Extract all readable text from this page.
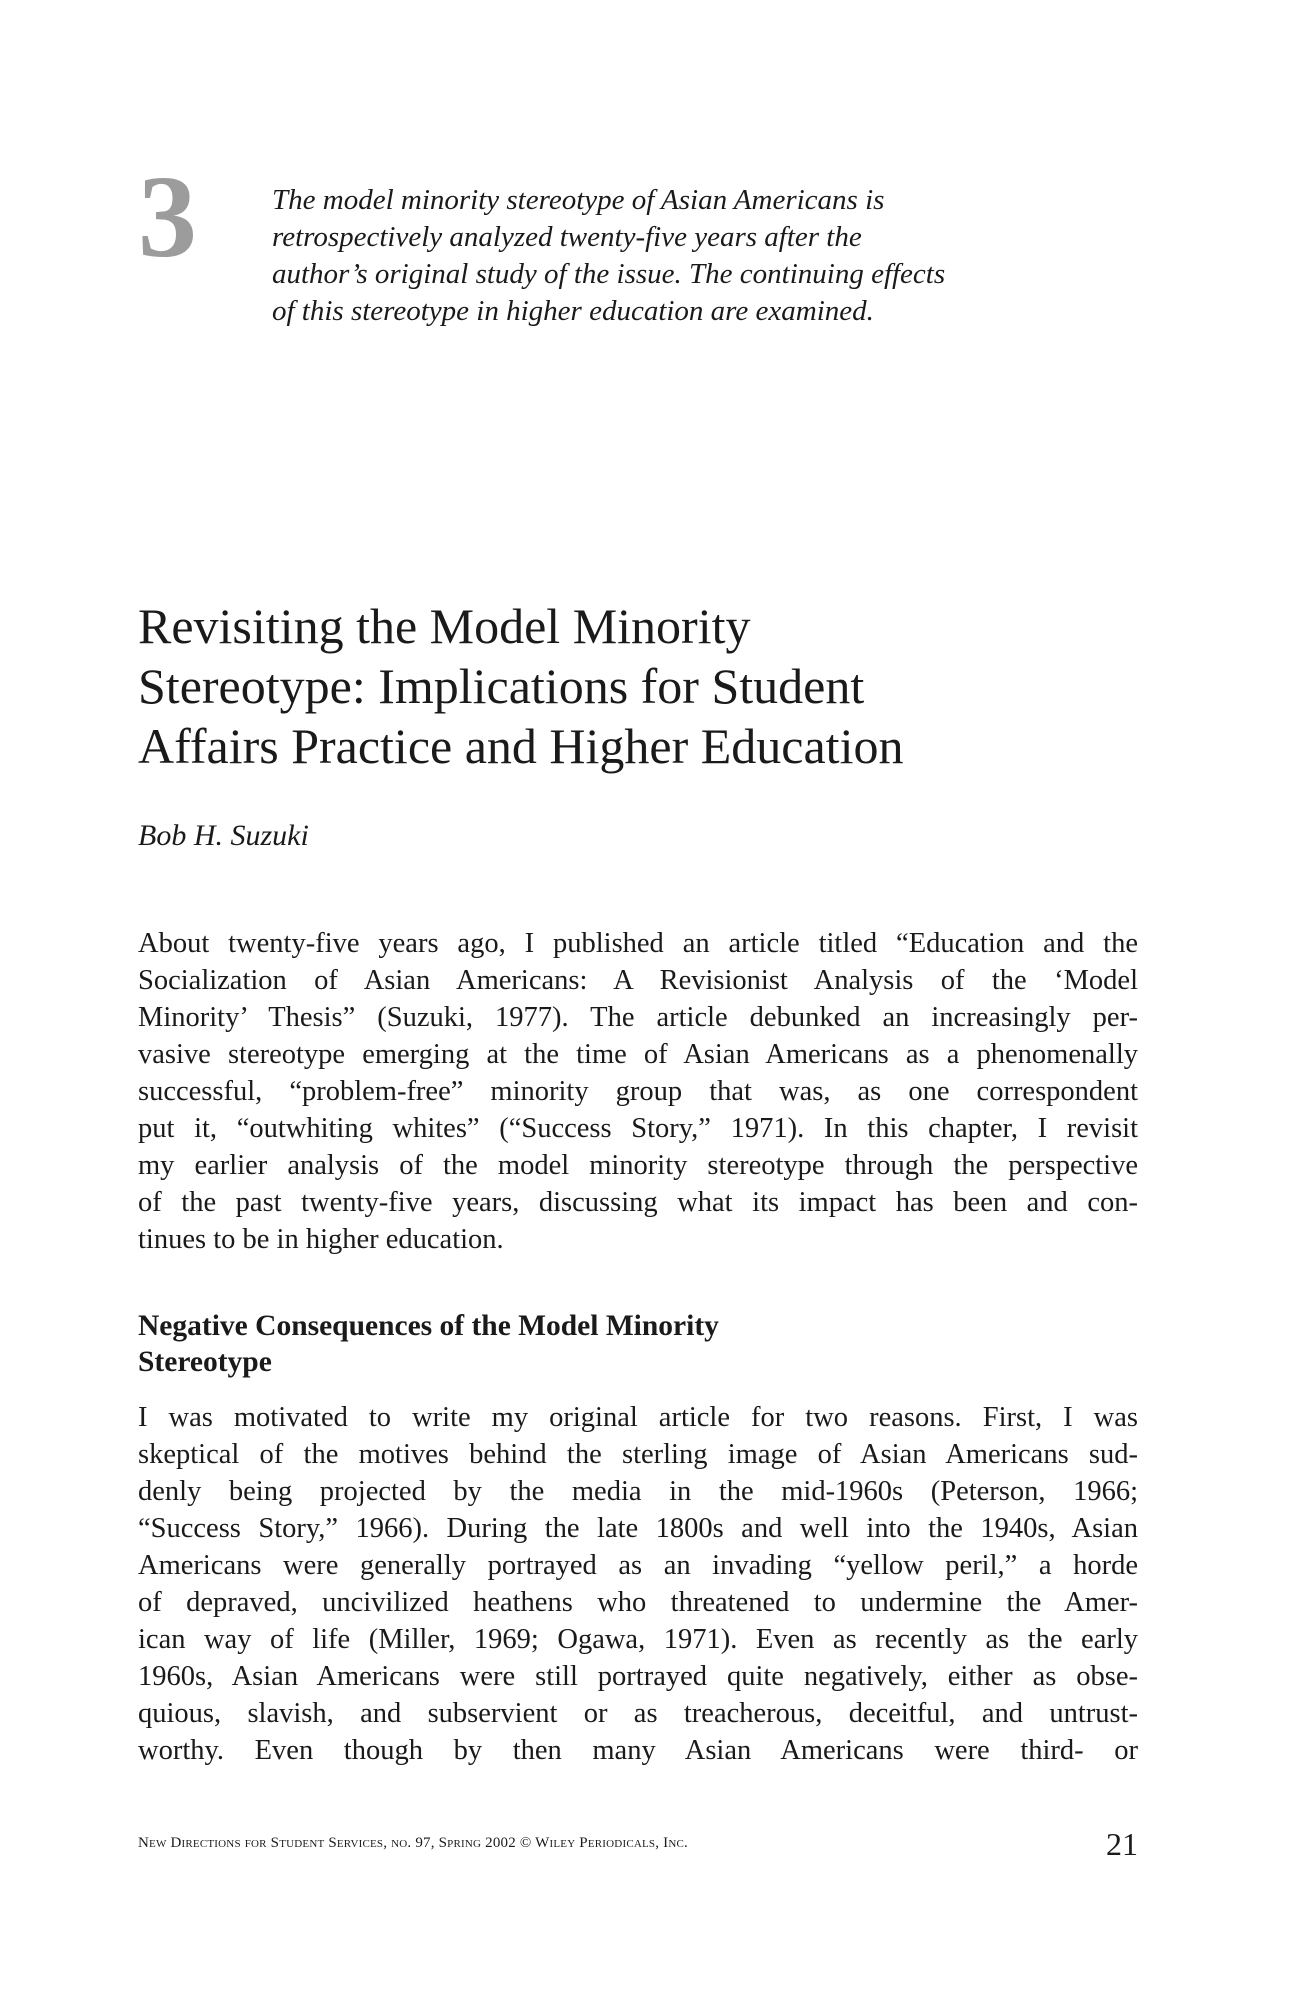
3	The model minority stereotype of Asian Americans is
retrospectively analyzed twenty-five years after the
author’s original study of the issue. The continuing effects
of this stereotype in higher education are examined.
Revisiting the Model Minority
Stereotype: Implications for Student
Affairs Practice and Higher Education
Bob H. Suzuki
About twenty-five years ago, I published an article titled “Education and the
Socialization of Asian Americans: A Revisionist Analysis of the ‘Model
Minority’ Thesis” (Suzuki, 1977). The article debunked an increasingly per-
vasive stereotype emerging at the time of Asian Americans as a phenomenally
successful, “problem-free” minority group that was, as one correspondent
put it, “outwhiting whites” (“Success Story,” 1971). In this chapter, I revisit
my earlier analysis of the model minority stereotype through the perspective
of the past twenty-five years, discussing what its impact has been and con-
tinues to be in higher education.
Negative Consequences of the Model Minority
Stereotype
I was motivated to write my original article for two reasons. First, I was
skeptical of the motives behind the sterling image of Asian Americans sud-
denly being projected by the media in the mid-1960s (Peterson, 1966;
“Success Story,” 1966). During the late 1800s and well into the 1940s, Asian
Americans were generally portrayed as an invading “yellow peril,” a horde
of depraved, uncivilized heathens who threatened to undermine the Amer-
ican way of life (Miller, 1969; Ogawa, 1971). Even as recently as the early
1960s, Asian Americans were still portrayed quite negatively, either as obse-
quious, slavish, and subservient or as treacherous, deceitful, and untrust-
worthy. Even though by then many Asian Americans were third- or
New Directions for Student Services, no. 97, Spring 2002 © Wiley Periodicals, Inc.	21
